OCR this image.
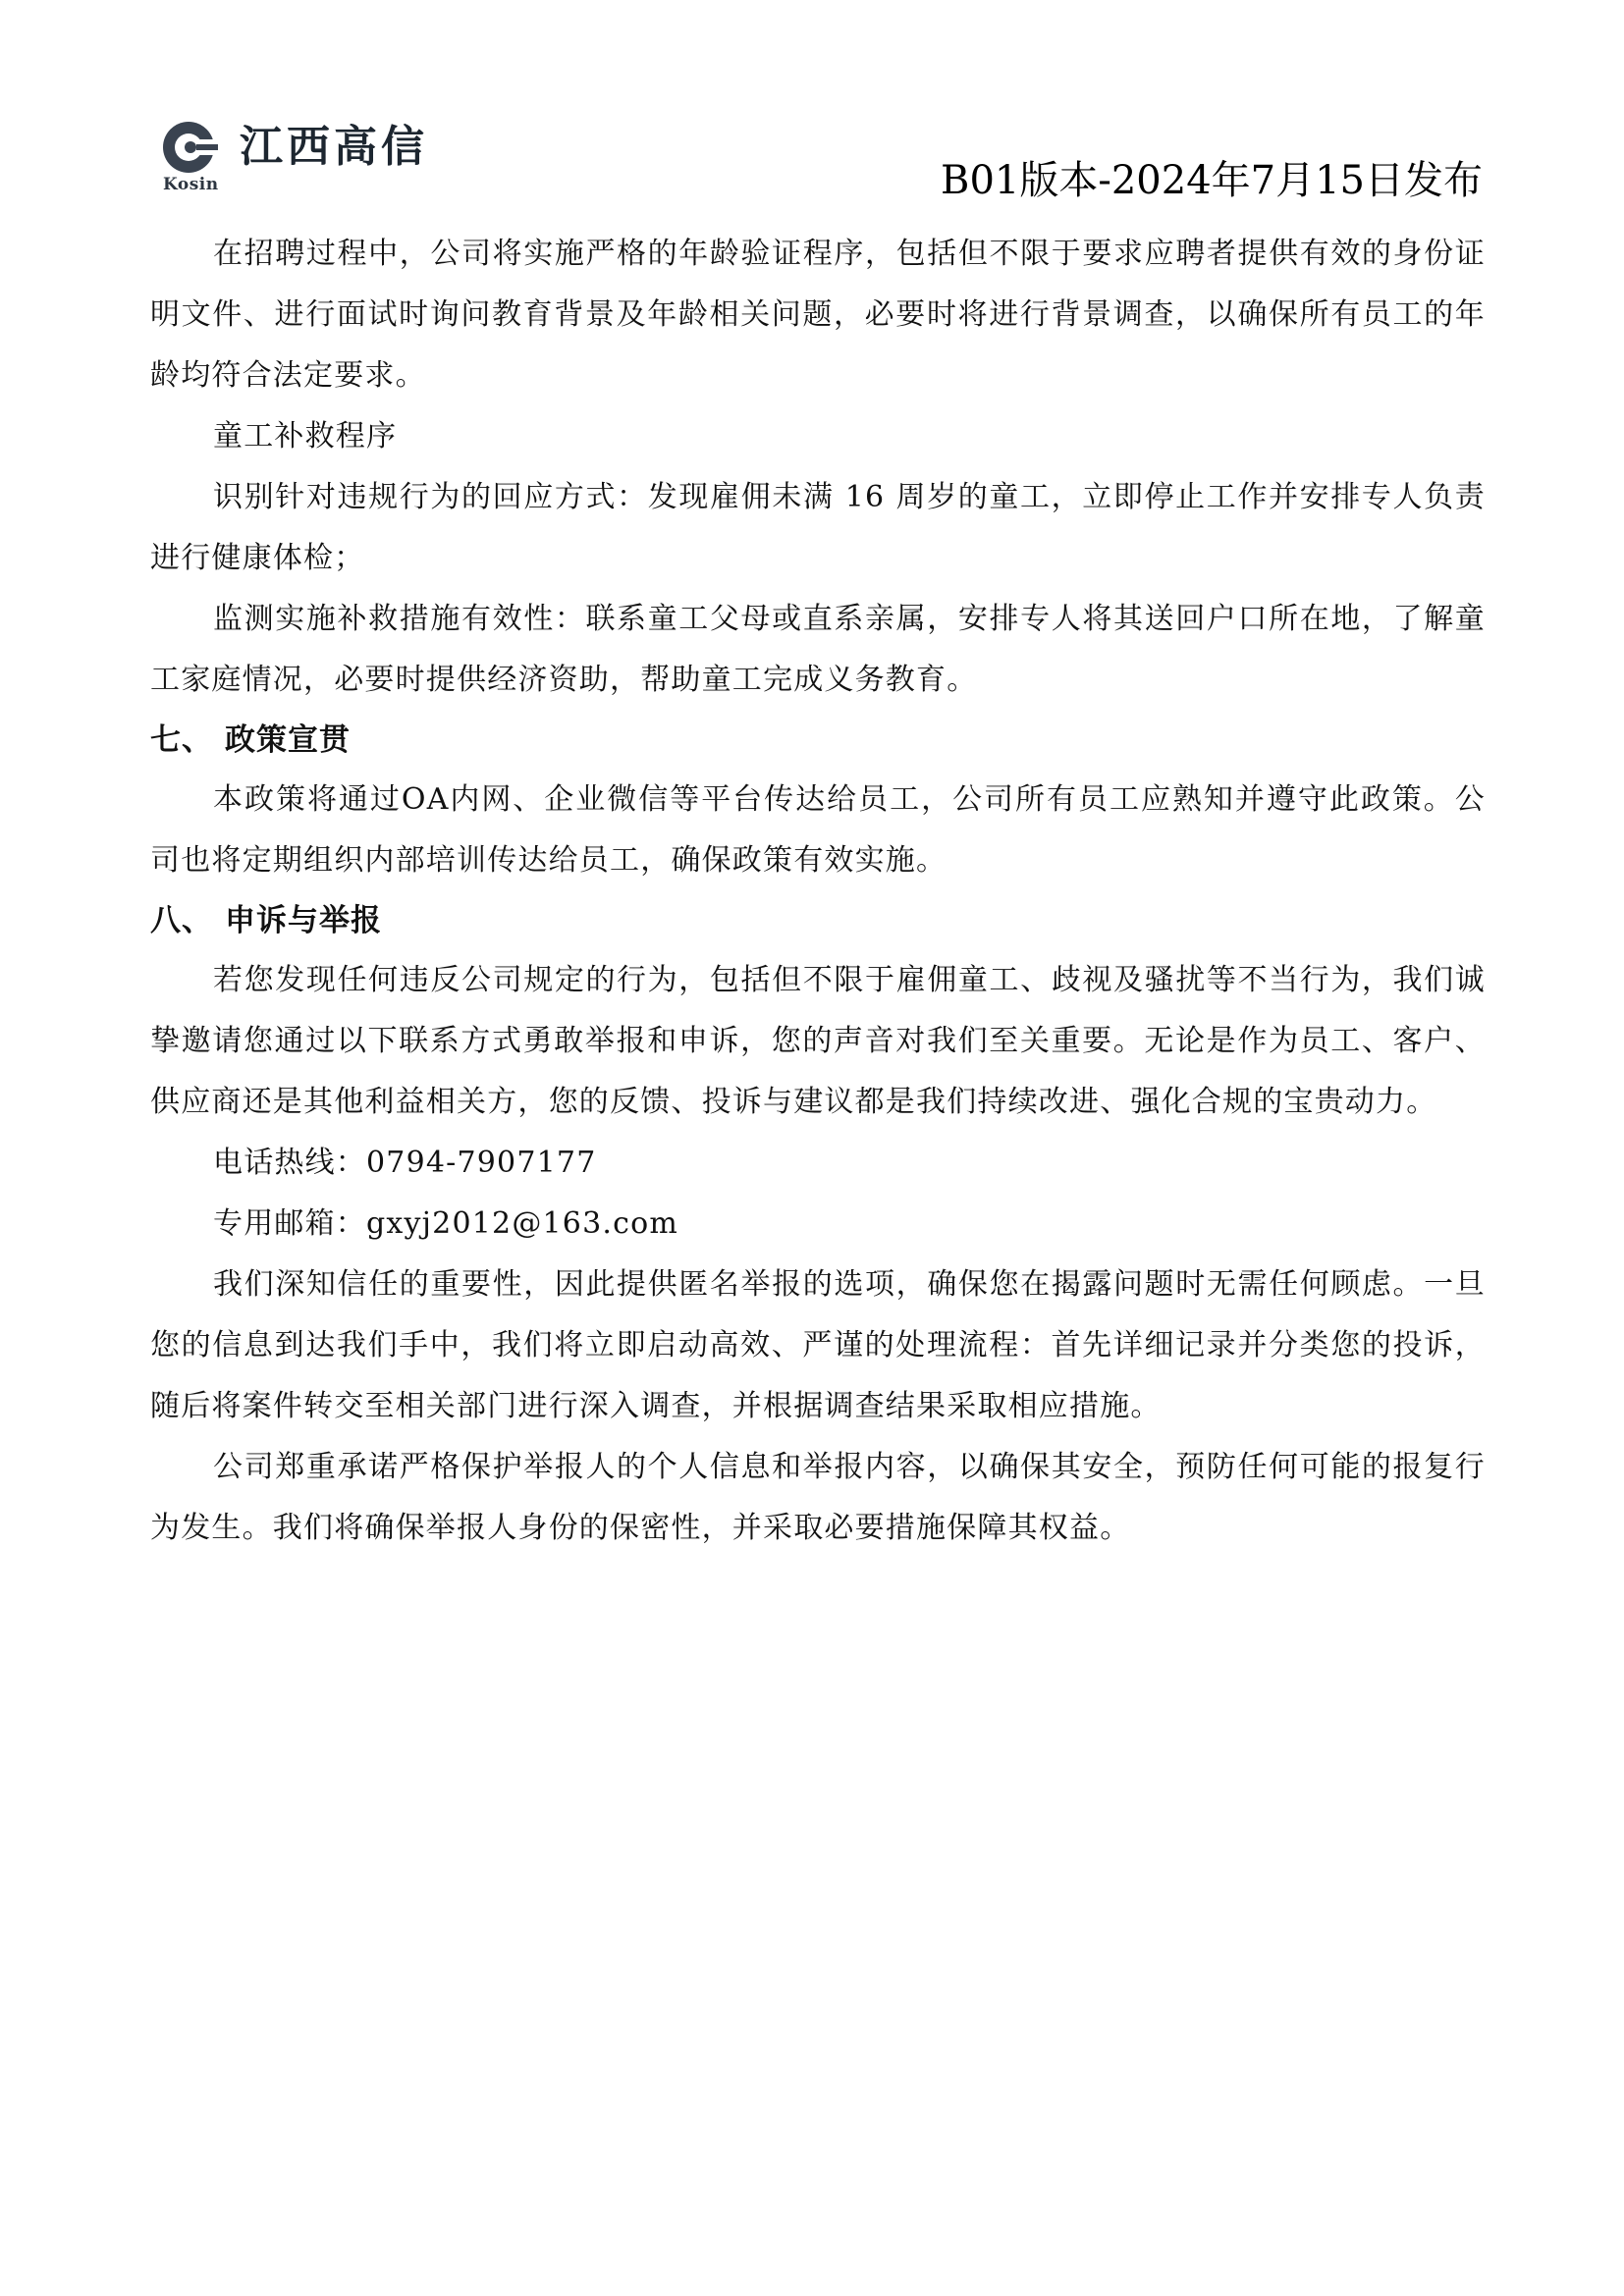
Kosin
江西高信
B01版本-2024年7月15日发布

在招聘过程中，公司将实施严格的年龄验证程序，包括但不限于要求应聘者提供有效的身份证明文件、进行面试时询问教育背景及年龄相关问题，必要时将进行背景调查，以确保所有员工的年龄均符合法定要求。

童工补救程序

识别针对违规行为的回应方式：发现雇佣未满 16 周岁的童工，立即停止工作并安排专人负责进行健康体检；

监测实施补救措施有效性：联系童工父母或直系亲属，安排专人将其送回户口所在地，了解童工家庭情况，必要时提供经济资助，帮助童工完成义务教育。

七、 政策宣贯

本政策将通过OA内网、企业微信等平台传达给员工，公司所有员工应熟知并遵守此政策。公司也将定期组织内部培训传达给员工，确保政策有效实施。

八、 申诉与举报

若您发现任何违反公司规定的行为，包括但不限于雇佣童工、歧视及骚扰等不当行为，我们诚挚邀请您通过以下联系方式勇敢举报和申诉，您的声音对我们至关重要。无论是作为员工、客户、供应商还是其他利益相关方，您的反馈、投诉与建议都是我们持续改进、强化合规的宝贵动力。

电话热线：0794-7907177

专用邮箱：gxyj2012@163.com

我们深知信任的重要性，因此提供匿名举报的选项，确保您在揭露问题时无需任何顾虑。一旦您的信息到达我们手中，我们将立即启动高效、严谨的处理流程：首先详细记录并分类您的投诉，随后将案件转交至相关部门进行深入调查，并根据调查结果采取相应措施。

公司郑重承诺严格保护举报人的个人信息和举报内容，以确保其安全，预防任何可能的报复行为发生。我们将确保举报人身份的保密性，并采取必要措施保障其权益。
